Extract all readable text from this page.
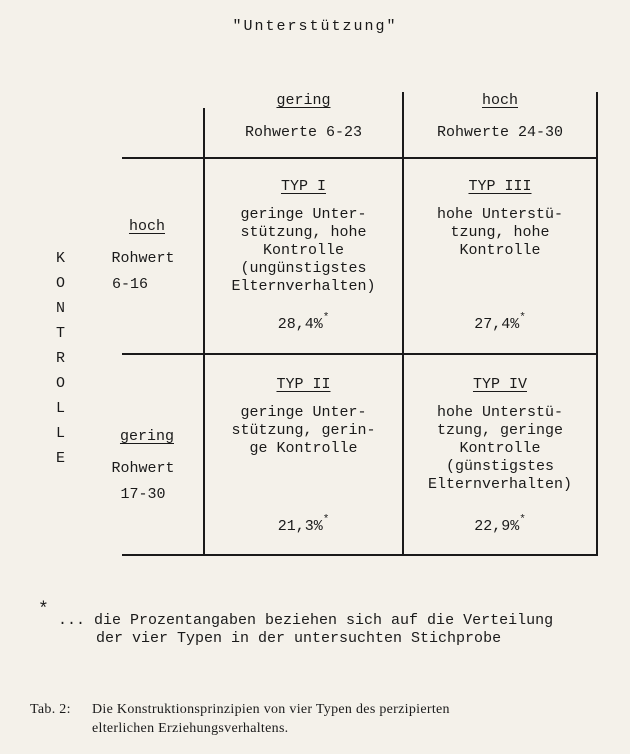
"Unterstützung"
gering
Rohwerte 6-23
hoch
Rohwerte 24-30
K
O
N
T
R
O
L
L
E
hoch
Rohwert
6-16
gering
Rohwert
17-30
TYP I
geringe Unter-
stützung, hohe
Kontrolle
(ungünstigstes
Elternverhalten)
28,4%*
TYP III
hohe Unterstü-
tzung, hohe
Kontrolle
27,4%*
TYP II
geringe Unter-
stützung, gerin-
ge Kontrolle
21,3%*
TYP IV
hohe Unterstü-
tzung, geringe
Kontrolle
(günstigstes
Elternverhalten)
22,9%*
*
... die Prozentangaben beziehen sich auf die Verteilung
der vier Typen in der untersuchten Stichprobe
Tab. 2: Die Konstruktionsprinzipien von vier Typen des perzipierten
elterlichen Erziehungsverhaltens.
